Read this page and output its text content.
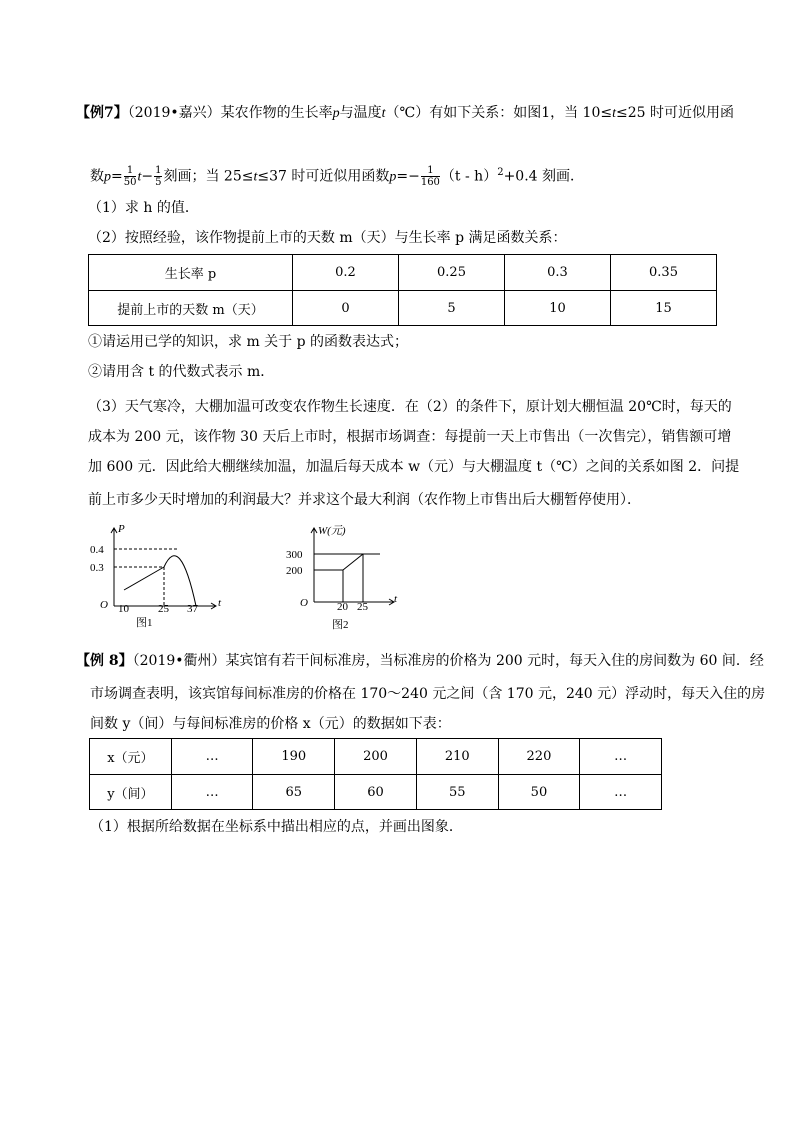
【例7】（2019•嘉兴）某农作物的生长率p与温度t（℃）有如下关系：如图1，当 10≤t≤25 时可近似用函
数$p= \frac{1}{50} t- \frac{1}{5}$ 刻画；当 25≤t≤37 时可近似用函数$p=- \frac{1}{160} (t - h)^2+0.4$ 刻画．
（1）求 h 的值．
（2）按照经验，该作物提前上市的天数 m（天）与生长率 p 满足函数关系：
生长率 p	0.2	0.25	0.3	0.35
提前上市的天数 m（天）	0	5	10	15
①请运用已学的知识，求 m 关于 p 的函数表达式；
②请用含 t 的代数式表示 m．
（3）天气寒冷，大棚加温可改变农作物生长速度．在（2）的条件下，原计划大棚恒温 20℃时，每天的
成本为 200 元，该作物 30 天后上市时，根据市场调查：每提前一天上市售出（一次售完），销售额可增
加 600 元．因此给大棚继续加温，加温后每天成本 w（元）与大棚温度 t（℃）之间的关系如图 2．问提
前上市多少天时增加的利润最大？并求这个最大利润（农作物上市售出后大棚暂停使用）．
P
0.4
0.3
O 10	25 37 t
图1
W(元)
300
200
O	20 25
t
图2
【例 8】（2019•衢州）某宾馆有若干间标准房，当标准房的价格为 200 元时，每天入住的房间数为 60 间．经
市场调查表明，该宾馆每间标准房的价格在 170～240 元之间（含 170 元，240 元）浮动时，每天入住的房
间数 y（间）与每间标准房的价格 x（元）的数据如下表：
x（元）	…	190	200	210	220	…
y（间）	…	65	60	55	50	…
（1）根据所给数据在坐标系中描出相应的点，并画出图象．
